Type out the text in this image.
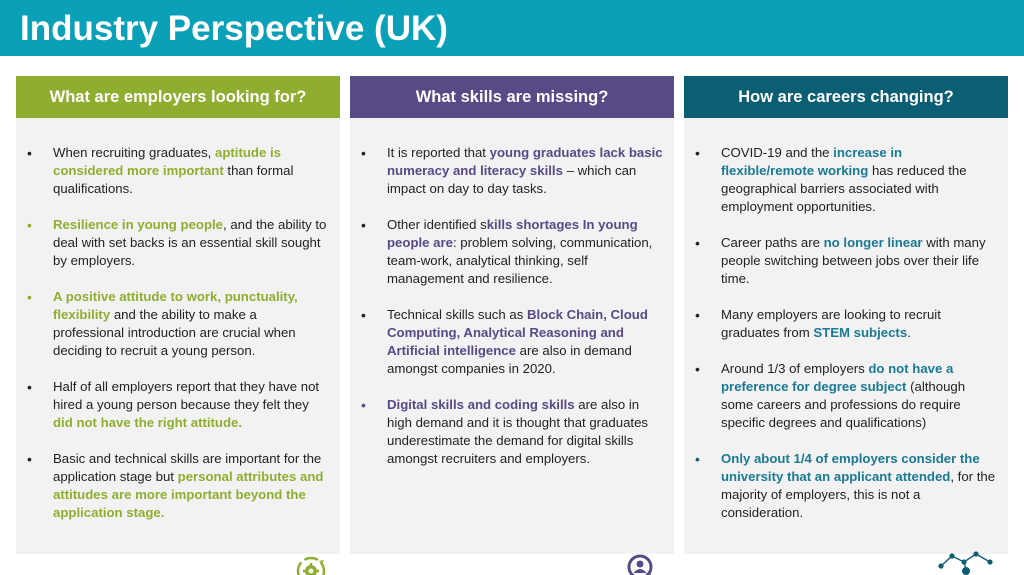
Industry Perspective (UK)
What are employers looking for?
• When recruiting graduates, aptitude is considered more important than formal qualifications.
• Resilience in young people, and the ability to deal with set backs is an essential skill sought by employers.
• A positive attitude to work, punctuality, flexibility and the ability to make a professional introduction are crucial when deciding to recruit a young person.
• Half of all employers report that they have not hired a young person because they felt they did not have the right attitude.
• Basic and technical skills are important for the application stage but personal attributes and attitudes are more important beyond the application stage.
What skills are missing?
• It is reported that young graduates lack basic numeracy and literacy skills – which can impact on day to day tasks.
• Other identified skills shortages In young people are: problem solving, communication, team-work, analytical thinking, self management and resilience.
• Technical skills such as Block Chain, Cloud Computing, Analytical Reasoning and Artificial intelligence are also in demand amongst companies in 2020.
• Digital skills and coding skills are also in high demand and it is thought that graduates underestimate the demand for digital skills amongst recruiters and employers.
How are careers changing?
• COVID-19 and the increase in flexible/remote working has reduced the geographical barriers associated with employment opportunities.
• Career paths are no longer linear with many people switching between jobs over their life time.
• Many employers are looking to recruit graduates from STEM subjects.
• Around 1/3 of employers do not have a preference for degree subject (although some careers and professions do require specific degrees and qualifications)
• Only about 1/4 of employers consider the university that an applicant attended, for the majority of employers, this is not a consideration.
